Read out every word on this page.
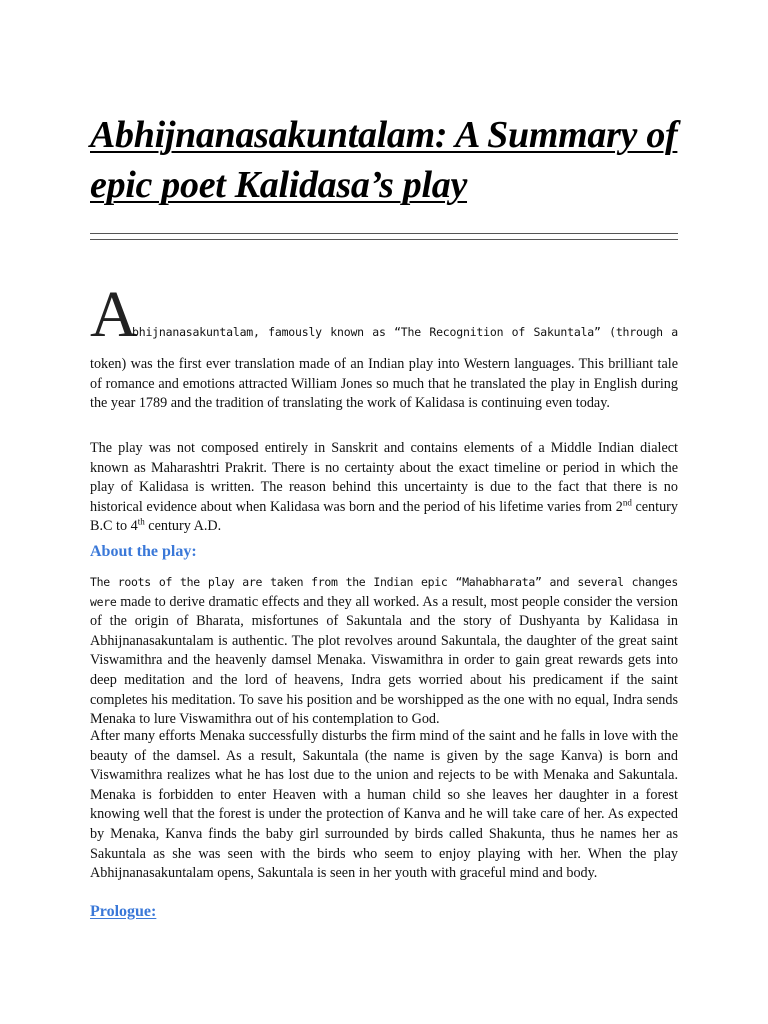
Abhijnanasakuntalam: A Summary of
epic poet Kalidasa’s play
A
bhijnanasakuntalam, famously known as “The Recognition of Sakuntala” (through a

token) was the first ever translation made of an Indian play into Western languages. This brilliant tale of romance and emotions attracted William Jones so much that he translated the play in English during the year 1789 and the tradition of translating the work of Kalidasa is continuing even today.

The play was not composed entirely in Sanskrit and contains elements of a Middle Indian dialect known as Maharashtri Prakrit. There is no certainty about the exact timeline or period in which the play of Kalidasa is written. The reason behind this uncertainty is due to the fact that there is no historical evidence about when Kalidasa was born and the period of his lifetime varies from 2nd century B.C to 4th century A.D.

About the play:

The roots of the play are taken from the Indian epic “Mahabharata” and several changes were made to derive dramatic effects and they all worked. As a result, most people consider the version of the origin of Bharata, misfortunes of Sakuntala and the story of Dushyanta by Kalidasa in Abhijnanasakuntalam is authentic. The plot revolves around Sakuntala, the daughter of the great saint Viswamithra and the heavenly damsel Menaka. Viswamithra in order to gain great rewards gets into deep meditation and the lord of heavens, Indra gets worried about his predicament if the saint completes his meditation. To save his position and be worshipped as the one with no equal, Indra sends Menaka to lure Viswamithra out of his contemplation to God.

After many efforts Menaka successfully disturbs the firm mind of the saint and he falls in love with the beauty of the damsel. As a result, Sakuntala (the name is given by the sage Kanva) is born and Viswamithra realizes what he has lost due to the union and rejects to be with Menaka and Sakuntala. Menaka is forbidden to enter Heaven with a human child so she leaves her daughter in a forest knowing well that the forest is under the protection of Kanva and he will take care of her. As expected by Menaka, Kanva finds the baby girl surrounded by birds called Shakunta, thus he names her as Sakuntala as she was seen with the birds who seem to enjoy playing with her. When the play Abhijnanasakuntalam opens, Sakuntala is seen in her youth with graceful mind and body.

Prologue:
